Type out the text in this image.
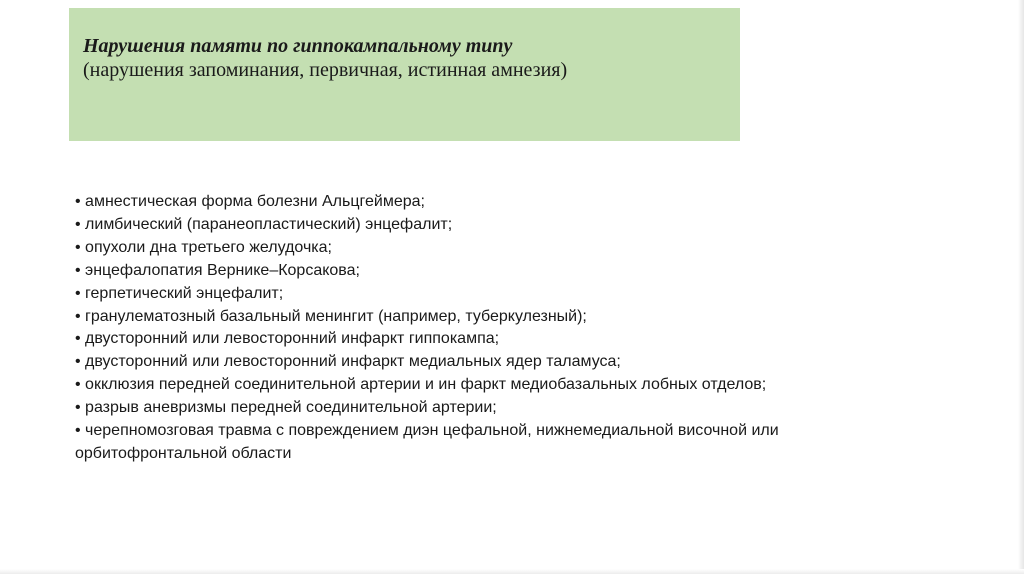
Нарушения памяти по гиппокампальному типу
(нарушения запоминания, первичная, истинная амнезия)
• амнестическая форма болезни Альцгеймера;
• лимбический (паранеопластический) энцефалит;
• опухоли дна третьего желудочка;
• энцефалопатия Вернике–Корсакова;
• герпетический энцефалит;
• гранулематозный базальный менингит (например, туберкулезный);
• двусторонний или левосторонний инфаркт гиппокампа;
• двусторонний или левосторонний инфаркт медиальных ядер таламуса;
• окклюзия передней соединительной артерии и ин фаркт медиобазальных лобных отделов;
• разрыв аневризмы передней соединительной артерии;
• черепномозговая травма с повреждением диэн цефальной, нижнемедиальной височной или
орбитофронтальной области
